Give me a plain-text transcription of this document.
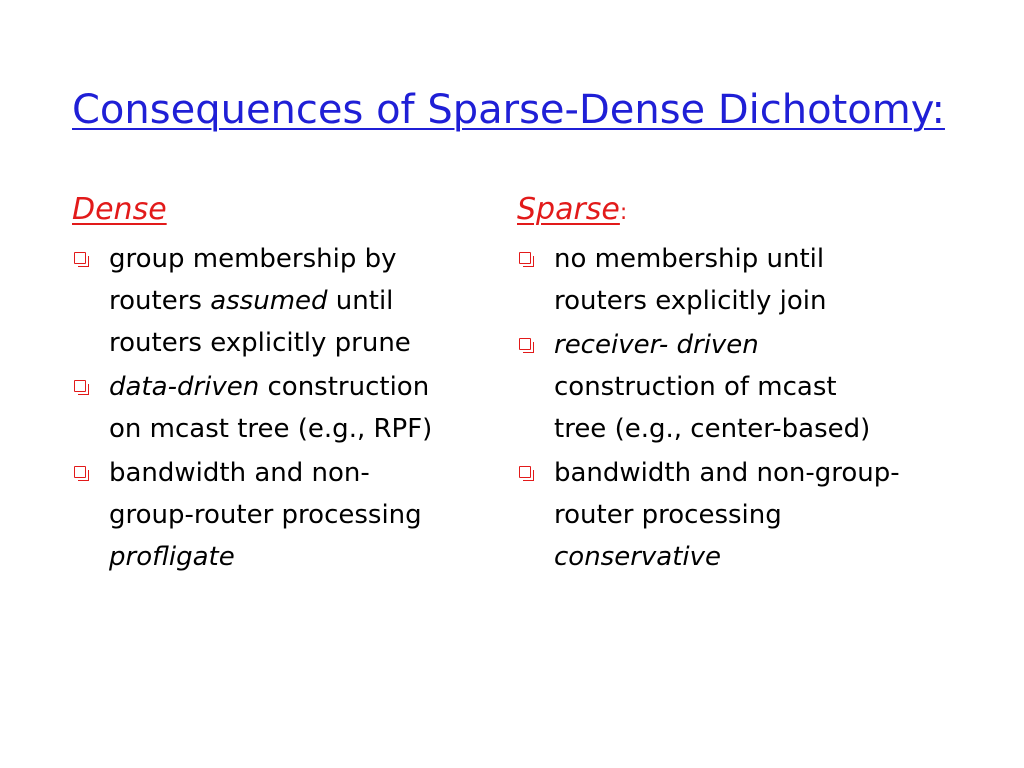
Consequences of Sparse-Dense Dichotomy:
Dense
group membership by
routers assumed until
routers explicitly prune
data-driven construction
on mcast tree (e.g., RPF)
bandwidth and non-
group-router processing
profligate
Sparse:
no membership until
routers explicitly join
receiver- driven
construction of mcast
tree (e.g., center-based)
bandwidth and non-group-
router processing
conservative
